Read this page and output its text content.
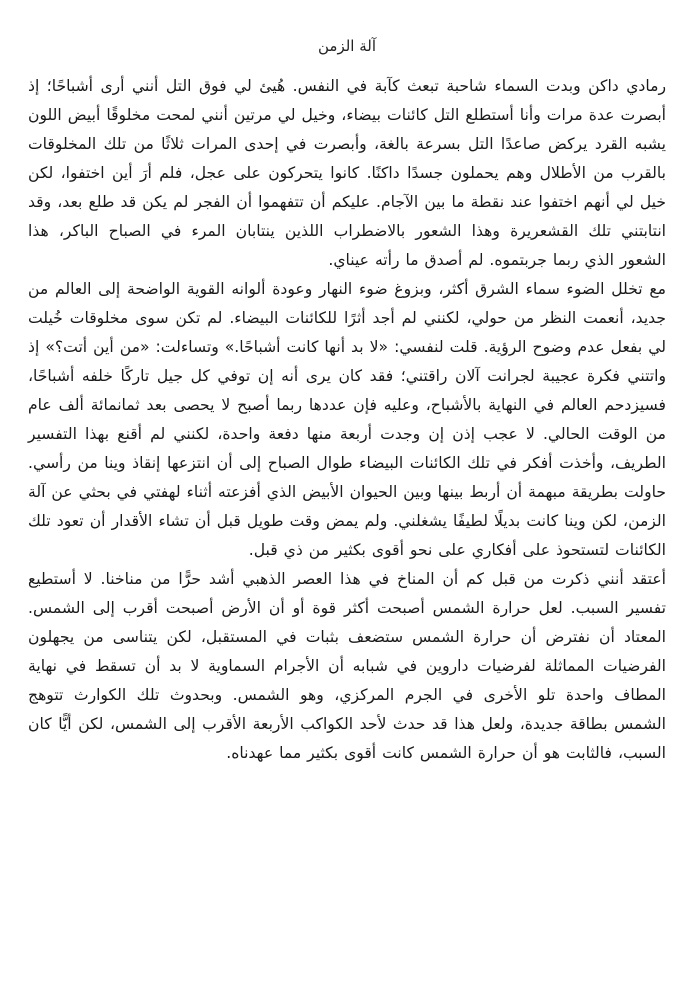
آلة الزمن

رمادي داكن وبدت السماء شاحبة تبعث كآبة في النفس. هُيئ لي فوق التل أنني أرى أشباحًا؛ إذ أبصرت عدة مرات وأنا أستطلع التل كائنات بيضاء، وخيل لي مرتين أنني لمحت مخلوقًا أبيض اللون يشبه القرد يركض صاعدًا التل بسرعة بالغة، وأبصرت في إحدى المرات ثلاثًا من تلك المخلوقات بالقرب من الأطلال وهم يحملون جسدًا داكنًا. كانوا يتحركون على عجل، فلم أرَ أين اختفوا، لكن خيل لي أنهم اختفوا عند نقطة ما بين الآجام. عليكم أن تتفهموا أن الفجر لم يكن قد طلع بعد، وقد انتابتني تلك القشعريرة وهذا الشعور بالاضطراب اللذين ينتابان المرء في الصباح الباكر، هذا الشعور الذي ربما جربتموه. لم أصدق ما رأته عيناي.

مع تخلل الضوء سماء الشرق أكثر، وبزوغ ضوء النهار وعودة ألوانه القوية الواضحة إلى العالم من جديد، أنعمت النظر من حولي، لكنني لم أجد أثرًا للكائنات البيضاء. لم تكن سوى مخلوقات خُيلت لي بفعل عدم وضوح الرؤية. قلت لنفسي: «لا بد أنها كانت أشباحًا.» وتساءلت: «من أين أتت؟» إذ واتتني فكرة عجيبة لجرانت آلان راقتني؛ فقد كان يرى أنه إن توفي كل جيل تاركًا خلفه أشباحًا، فسيزدحم العالم في النهاية بالأشباح، وعليه فإن عددها ربما أصبح لا يحصى بعد ثمانمائة ألف عام من الوقت الحالي. لا عجب إذن إن وجدت أربعة منها دفعة واحدة، لكنني لم أقنع بهذا التفسير الطريف، وأخذت أفكر في تلك الكائنات البيضاء طوال الصباح إلى أن انتزعها إنقاذ وينا من رأسي. حاولت بطريقة مبهمة أن أربط بينها وبين الحيوان الأبيض الذي أفزعته أثناء لهفتي في بحثي عن آلة الزمن، لكن وينا كانت بديلًا لطيفًا يشغلني. ولم يمض وقت طويل قبل أن تشاء الأقدار أن تعود تلك الكائنات لتستحوذ على أفكاري على نحو أقوى بكثير من ذي قبل.

أعتقد أنني ذكرت من قبل كم أن المناخ في هذا العصر الذهبي أشد حرًّا من مناخنا. لا أستطيع تفسير السبب. لعل حرارة الشمس أصبحت أكثر قوة أو أن الأرض أصبحت أقرب إلى الشمس. المعتاد أن نفترض أن حرارة الشمس ستضعف بثبات في المستقبل، لكن يتناسى من يجهلون الفرضيات المماثلة لفرضيات داروين في شبابه أن الأجرام السماوية لا بد أن تسقط في نهاية المطاف واحدة تلو الأخرى في الجرم المركزي، وهو الشمس. وبحدوث تلك الكوارث تتوهج الشمس بطاقة جديدة، ولعل هذا قد حدث لأحد الكواكب الأربعة الأقرب إلى الشمس، لكن أيًّا كان السبب، فالثابت هو أن حرارة الشمس كانت أقوى بكثير مما عهدناه.
